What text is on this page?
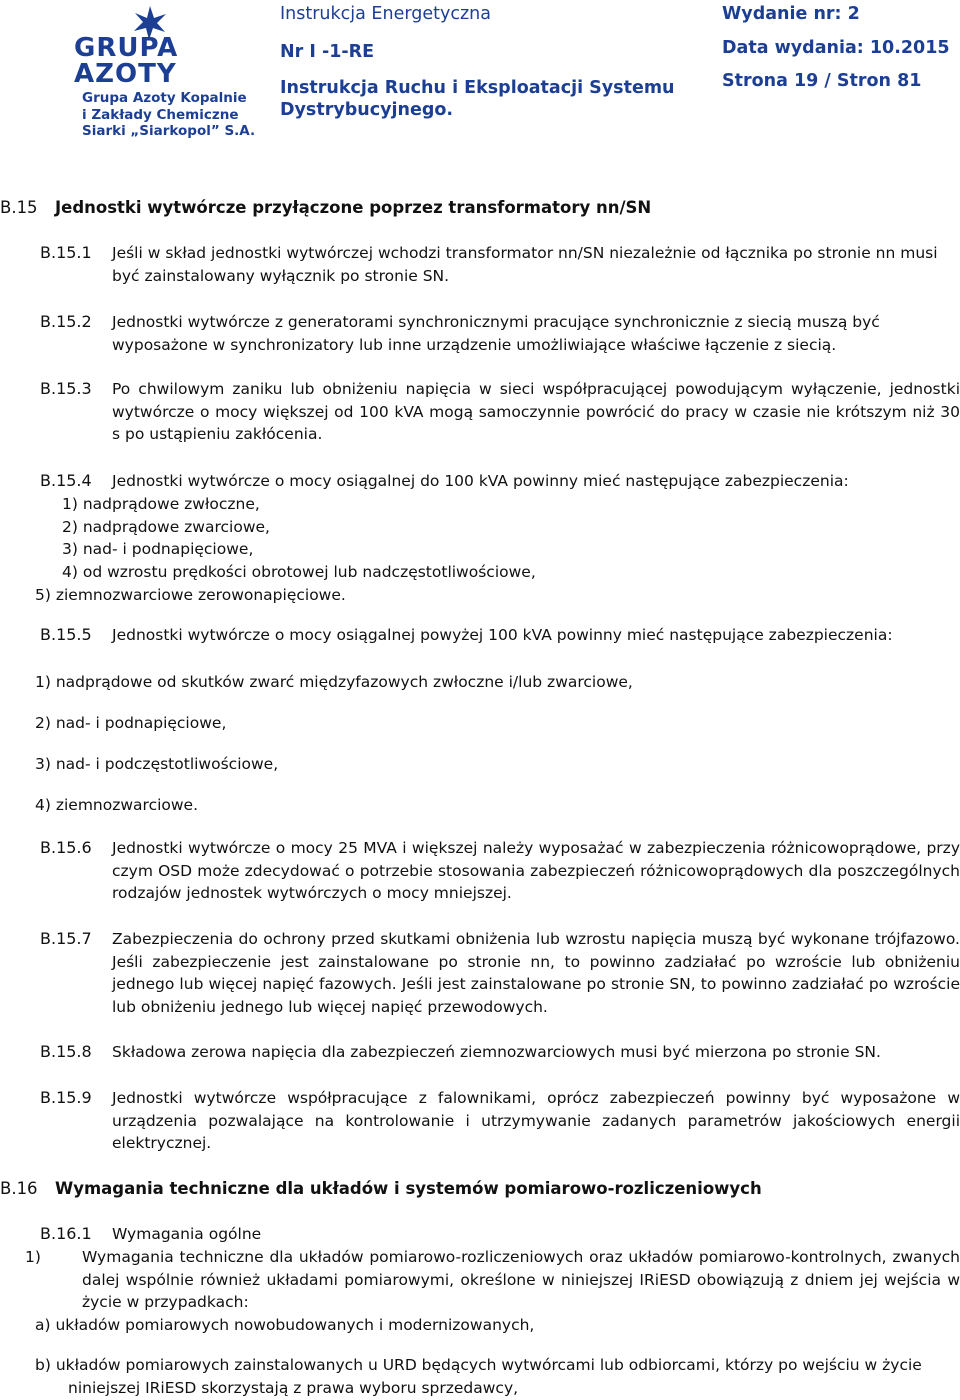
GRUPA
AZOTY
Grupa Azoty Kopalnie
i Zakłady Chemiczne
Siarki „Siarkopol” S.A.
Instrukcja Energetyczna
Nr I -1-RE
Instrukcja Ruchu i Eksploatacji Systemu Dystrybucyjnego.
Wydanie nr: 2
Data wydania: 10.2015
Strona 19 / Stron 81
B.15 Jednostki wytwórcze przyłączone poprzez transformatory nn/SN
B.15.1 Jeśli w skład jednostki wytwórczej wchodzi transformator nn/SN niezależnie od łącznika po stronie nn musi być zainstalowany wyłącznik po stronie SN.
B.15.2 Jednostki wytwórcze z generatorami synchronicznymi pracujące synchronicznie z siecią muszą być wyposażone w synchronizatory lub inne urządzenie umożliwiające właściwe łączenie z siecią.
B.15.3 Po chwilowym zaniku lub obniżeniu napięcia w sieci współpracującej powodującym wyłączenie, jednostki wytwórcze o mocy większej od 100 kVA mogą samoczynnie powrócić do pracy w czasie nie krótszym niż 30 s po ustąpieniu zakłócenia.
B.15.4 Jednostki wytwórcze o mocy osiągalnej do 100 kVA powinny mieć następujące zabezpieczenia:
1) nadprądowe zwłoczne,
2) nadprądowe zwarciowe,
3) nad- i podnapięciowe,
4) od wzrostu prędkości obrotowej lub nadczęstotliwościowe,
5) ziemnozwarciowe zerowonapięciowe.
B.15.5 Jednostki wytwórcze o mocy osiągalnej powyżej 100 kVA powinny mieć następujące zabezpieczenia:
1) nadprądowe od skutków zwarć międzyfazowych zwłoczne i/lub zwarciowe,
2) nad- i podnapięciowe,
3) nad- i podczęstotliwościowe,
4) ziemnozwarciowe.
B.15.6 Jednostki wytwórcze o mocy 25 MVA i większej należy wyposażać w zabezpieczenia różnicowoprądowe, przy czym OSD może zdecydować o potrzebie stosowania zabezpieczeń różnicowoprądowych dla poszczególnych rodzajów jednostek wytwórczych o mocy mniejszej.
B.15.7 Zabezpieczenia do ochrony przed skutkami obniżenia lub wzrostu napięcia muszą być wykonane trójfazowo. Jeśli zabezpieczenie jest zainstalowane po stronie nn, to powinno zadziałać po wzroście lub obniżeniu jednego lub więcej napięć fazowych. Jeśli jest zainstalowane po stronie SN, to powinno zadziałać po wzroście lub obniżeniu jednego lub więcej napięć przewodowych.
B.15.8 Składowa zerowa napięcia dla zabezpieczeń ziemnozwarciowych musi być mierzona po stronie SN.
B.15.9 Jednostki wytwórcze współpracujące z falownikami, oprócz zabezpieczeń powinny być wyposażone w urządzenia pozwalające na kontrolowanie i utrzymywanie zadanych parametrów jakościowych energii elektrycznej.
B.16 Wymagania techniczne dla układów i systemów pomiarowo-rozliczeniowych
B.16.1 Wymagania ogólne
1)	Wymagania techniczne dla układów pomiarowo-rozliczeniowych oraz układów pomiarowo-kontrolnych, zwanych dalej wspólnie również układami pomiarowymi, określone w niniejszej IRiESD obowiązują z dniem jej wejścia w życie w przypadkach:
a) układów pomiarowych nowobudowanych i modernizowanych,
b) układów pomiarowych zainstalowanych u URD będących wytwórcami lub odbiorcami, którzy po wejściu w życie niniejszej IRiESD skorzystają z prawa wyboru sprzedawcy,
